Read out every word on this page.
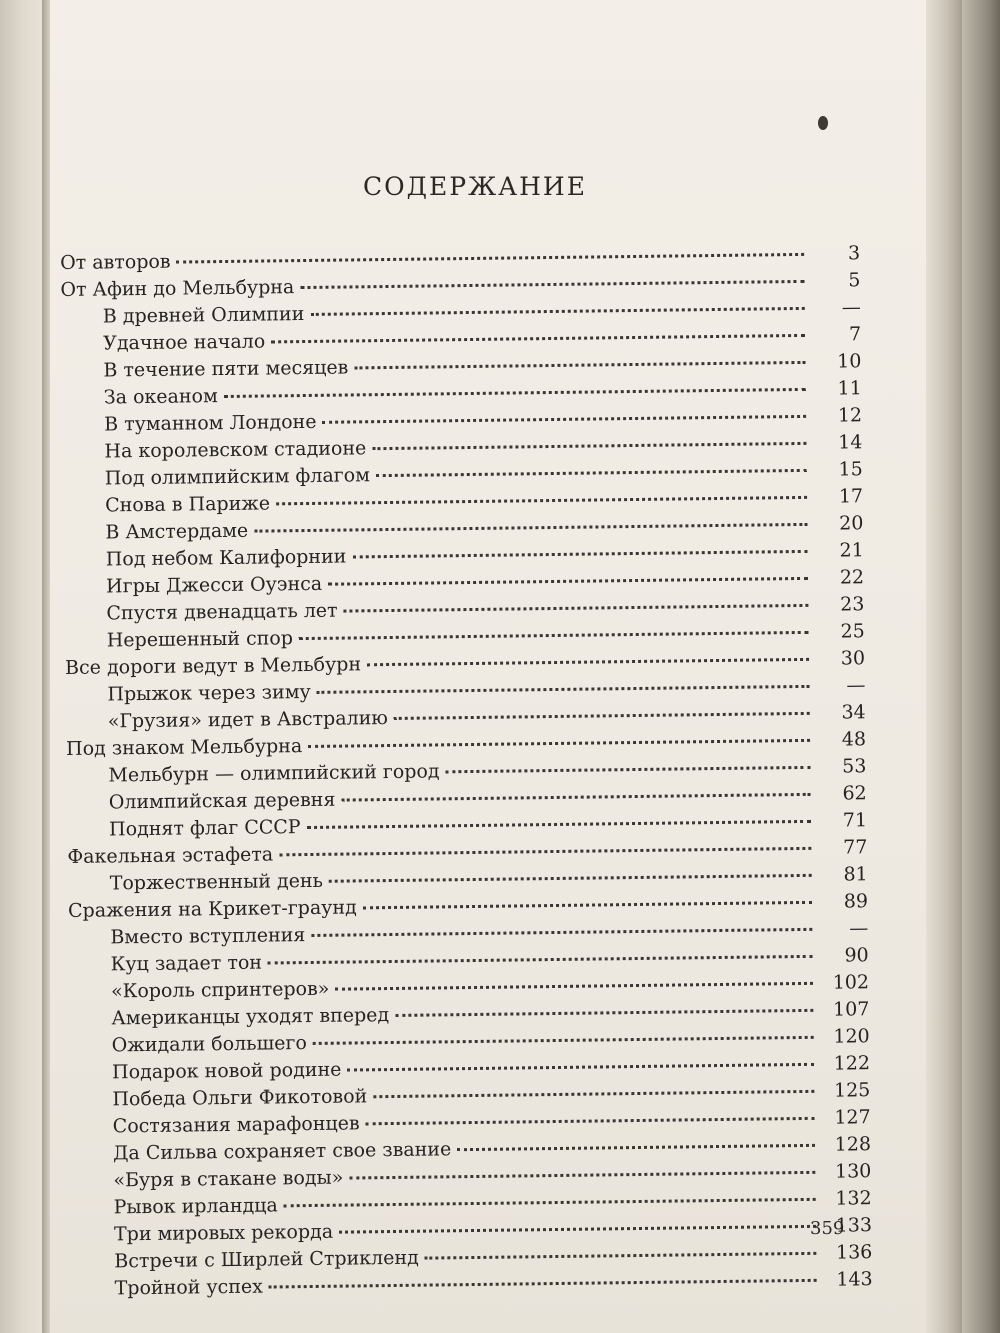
СОДЕРЖАНИЕ
От авторов	3
От Афин до Мельбурна	5
В древней Олимпии	—
Удачное начало	7
В течение пяти месяцев	10
За океаном	11
В туманном Лондоне	12
На королевском стадионе	14
Под олимпийским флагом	15
Снова в Париже	17
В Амстердаме	20
Под небом Калифорнии	21
Игры Джесси Оуэнса	22
Спустя двенадцать лет	23
Нерешенный спор	25
Все дороги ведут в Мельбурн	30
Прыжок через зиму	—
«Грузия» идет в Австралию	34
Под знаком Мельбурна	48
Мельбурн — олимпийский город	53
Олимпийская деревня	62
Поднят флаг СССР	71
Факельная эстафета	77
Торжественный день	81
Сражения на Крикет-граунд	89
Вместо вступления	—
Куц задает тон	90
«Король спринтеров»	102
Американцы уходят вперед	107
Ожидали большего	120
Подарок новой родине	122
Победа Ольги Фикотовой	125
Состязания марафонцев	127
Да Сильва сохраняет свое звание	128
«Буря в стакане воды»	130
Рывок ирландца	132
Три мировых рекорда	133
Встречи с Ширлей Стрикленд	136
Тройной успех	143
359
